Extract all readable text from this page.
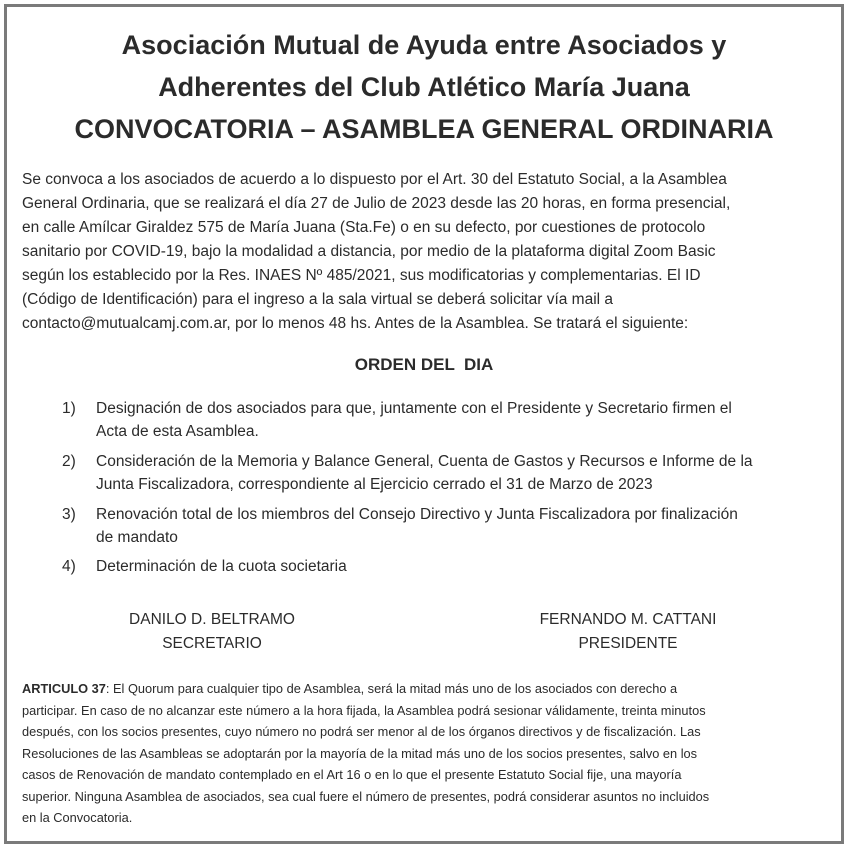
Asociación Mutual de Ayuda entre Asociados y
Adherentes del Club Atlético María Juana
CONVOCATORIA – ASAMBLEA GENERAL ORDINARIA
Se convoca a los asociados de acuerdo a lo dispuesto por el Art. 30 del Estatuto Social, a la Asamblea
General Ordinaria, que se realizará el día 27 de Julio de 2023 desde las 20 horas, en forma presencial,
en calle Amílcar Giraldez 575 de María Juana (Sta.Fe) o en su defecto, por cuestiones de protocolo
sanitario por COVID-19, bajo la modalidad a distancia, por medio de la plataforma digital Zoom Basic
según los establecido por la Res. INAES Nº 485/2021, sus modificatorias y complementarias. El ID
(Código de Identificación) para el ingreso a la sala virtual se deberá solicitar vía mail a
contacto@mutualcamj.com.ar, por lo menos 48 hs. Antes de la Asamblea. Se tratará el siguiente:
ORDEN DEL  DIA
1) Designación de dos asociados para que, juntamente con el Presidente y Secretario firmen el
Acta de esta Asamblea.
2) Consideración de la Memoria y Balance General, Cuenta de Gastos y Recursos e Informe de la
Junta Fiscalizadora, correspondiente al Ejercicio cerrado el 31 de Marzo de 2023
3) Renovación total de los miembros del Consejo Directivo y Junta Fiscalizadora por finalización
de mandato
4) Determinación de la cuota societaria
DANILO D. BELTRAMO
SECRETARIO
FERNANDO M. CATTANI
PRESIDENTE
ARTICULO 37: El Quorum para cualquier tipo de Asamblea, será la mitad más uno de los asociados con derecho a
participar. En caso de no alcanzar este número a la hora fijada, la Asamblea podrá sesionar válidamente, treinta minutos
después, con los socios presentes, cuyo número no podrá ser menor al de los órganos directivos y de fiscalización. Las
Resoluciones de las Asambleas se adoptarán por la mayoría de la mitad más uno de los socios presentes, salvo en los
casos de Renovación de mandato contemplado en el Art 16 o en lo que el presente Estatuto Social fije, una mayoría
superior. Ninguna Asamblea de asociados, sea cual fuere el número de presentes, podrá considerar asuntos no incluidos
en la Convocatoria.
